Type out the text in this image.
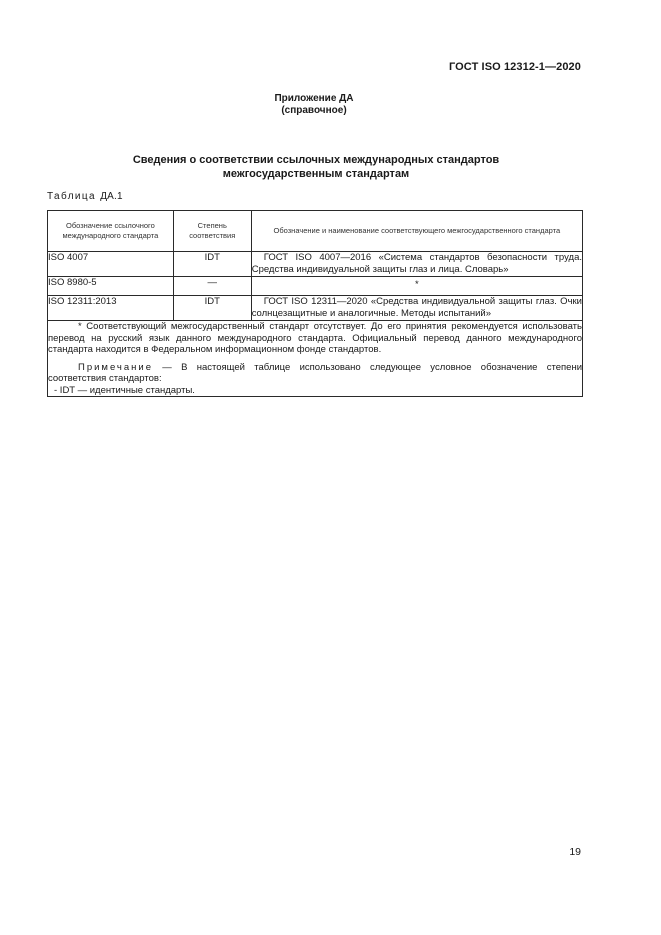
ГОСТ ISO 12312-1—2020
Приложение ДА
(справочное)
Сведения о соответствии ссылочных международных стандартов
межгосударственным стандартам
Таблица ДА.1
Обозначение ссылочного международного стандарта	Степень соответствия	Обозначение и наименование соответствующего межгосударственного стандарта
ISO 4007	IDT	ГОСТ ISO 4007—2016 «Система стандартов безопасности труда. Средства индивидуальной защиты глаз и лица. Словарь»
ISO 8980-5	—	*
ISO 12311:2013	IDT	ГОСТ ISO 12311—2020 «Средства индивидуальной защиты глаз. Очки солнцезащитные и аналогичные. Методы испытаний»

* Соответствующий межгосударственный стандарт отсутствует. До его принятия рекомендуется использовать перевод на русский язык данного международного стандарта. Официальный перевод данного международного стандарта находится в Федеральном информационном фонде стандартов.

Примечание — В настоящей таблице использовано следующее условное обозначение степени соответствия стандартов:

- IDT — идентичные стандарты.		

19
